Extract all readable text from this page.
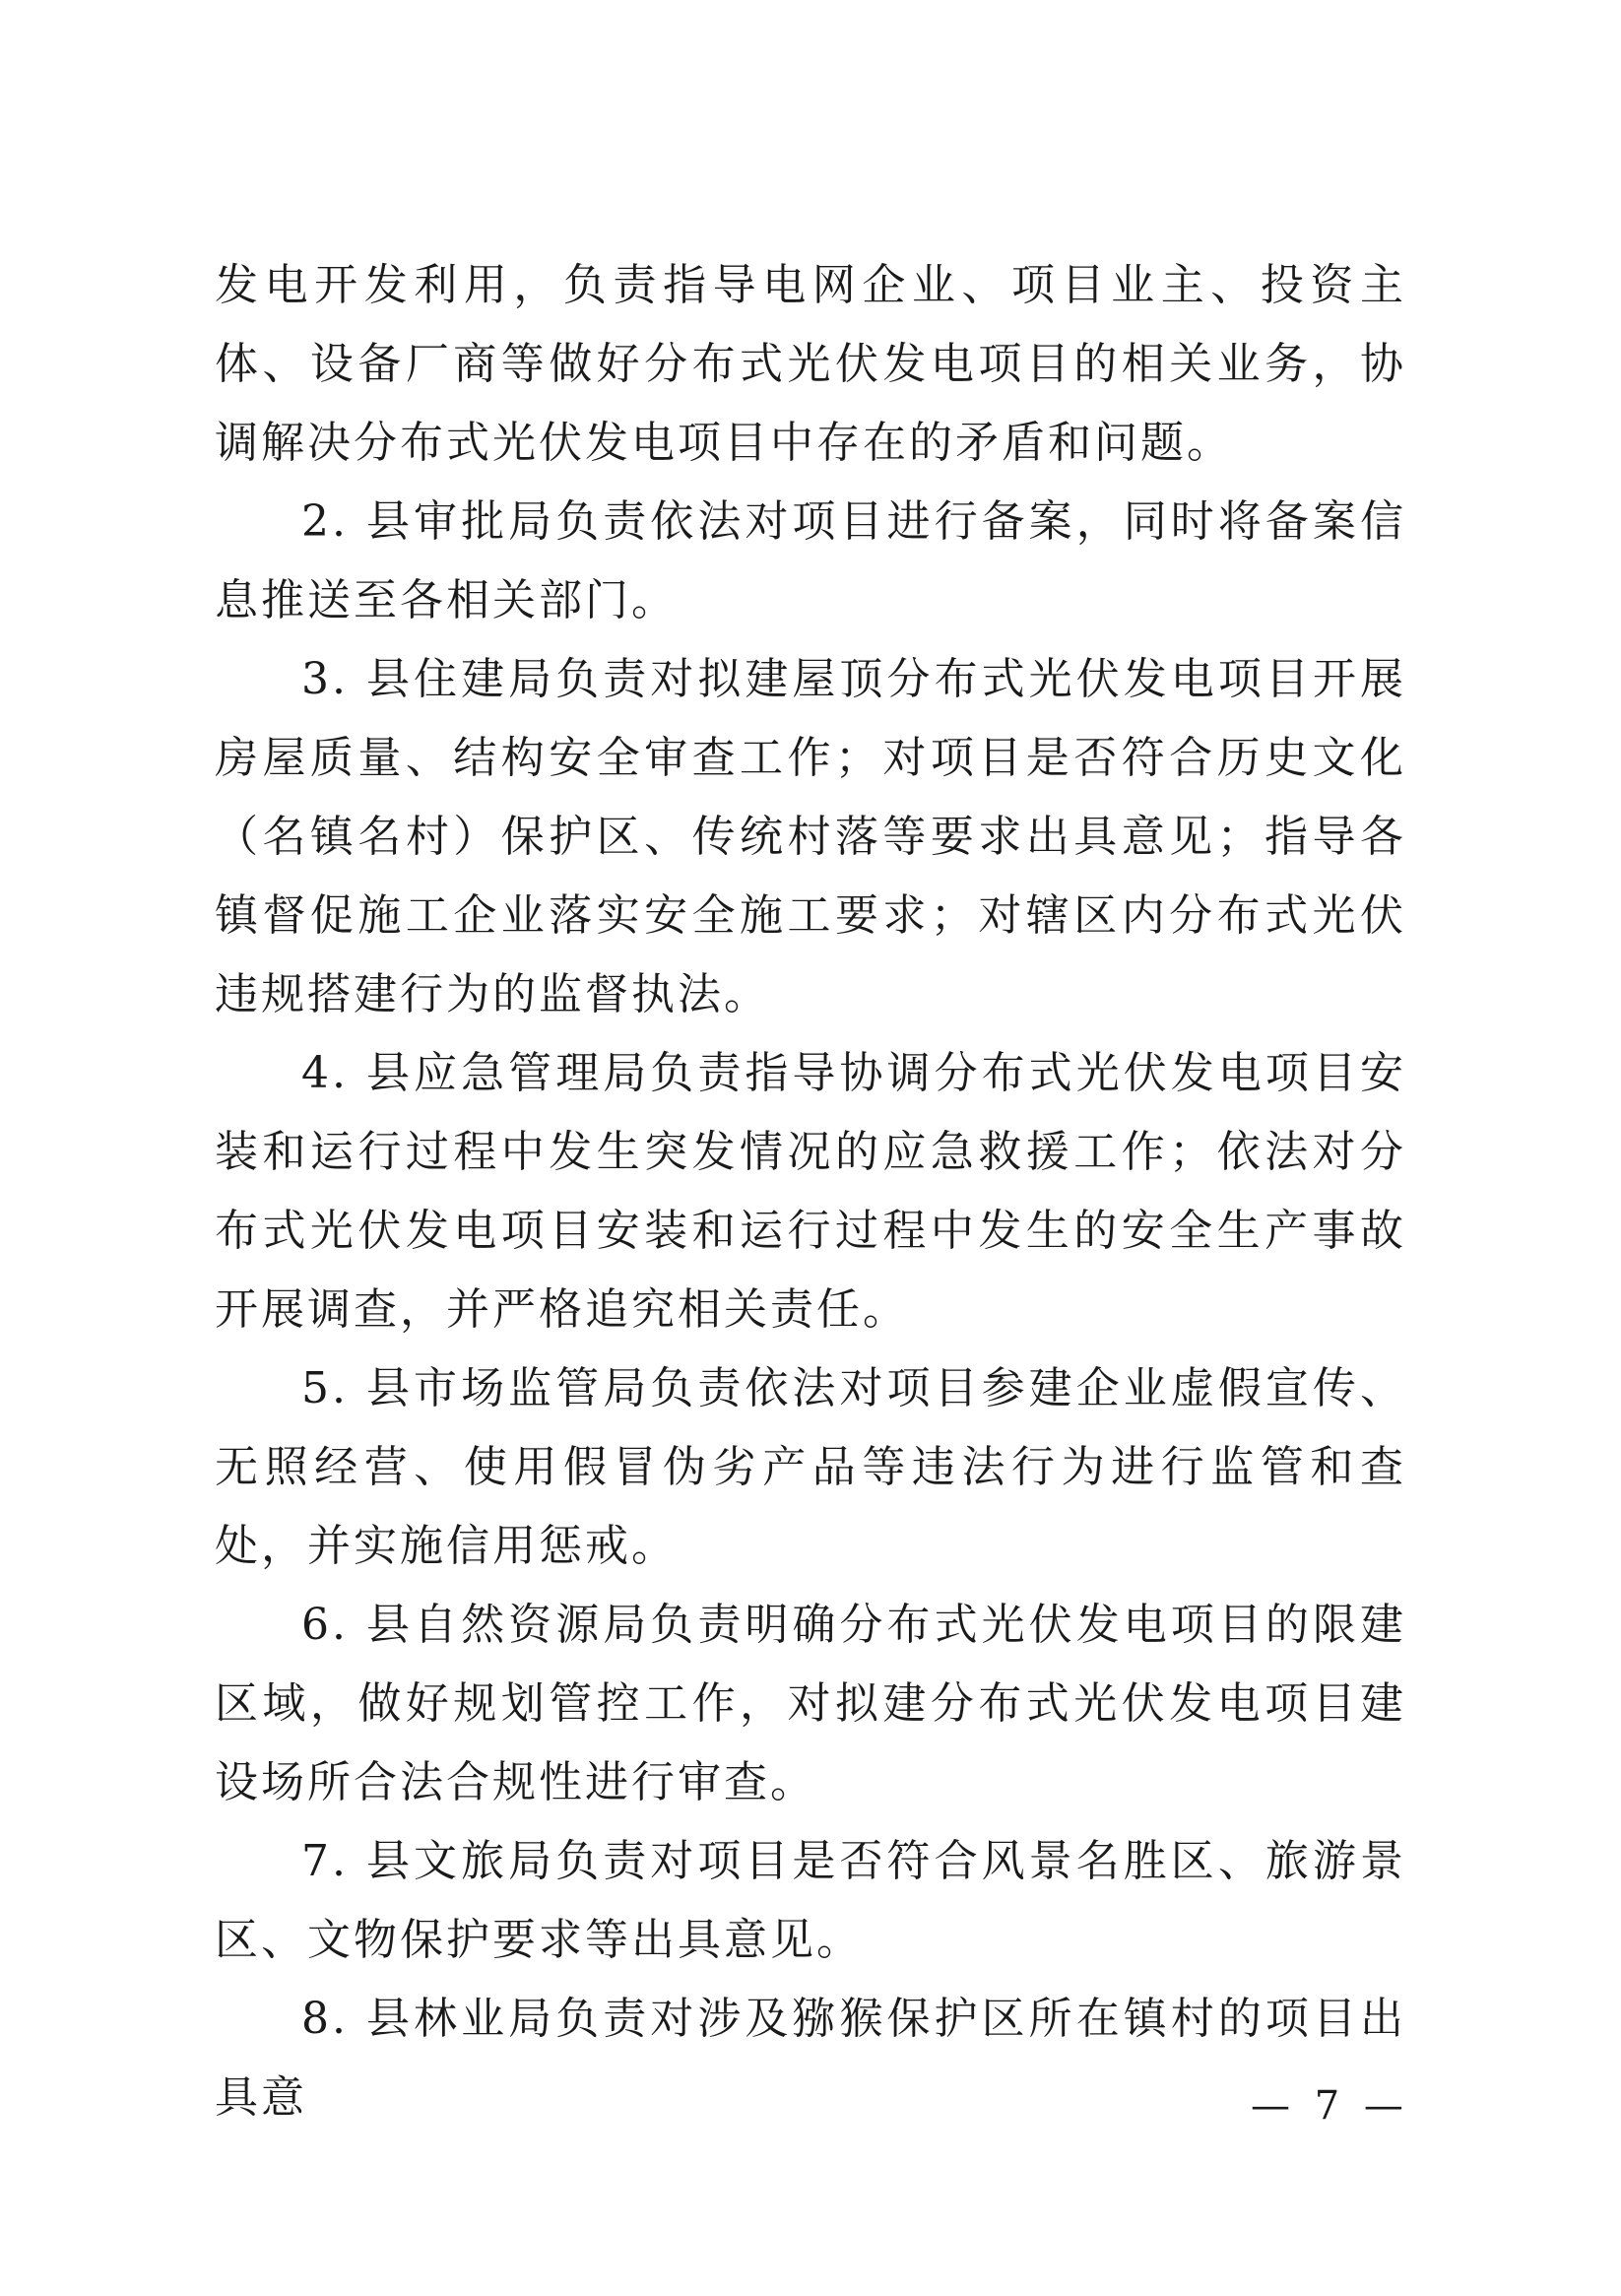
发电开发利用，负责指导电网企业、项目业主、投资主体、设备厂商等做好分布式光伏发电项目的相关业务，协调解决分布式光伏发电项目中存在的矛盾和问题。

2. 县审批局负责依法对项目进行备案，同时将备案信息推送至各相关部门。

3. 县住建局负责对拟建屋顶分布式光伏发电项目开展房屋质量、结构安全审查工作；对项目是否符合历史文化（名镇名村）保护区、传统村落等要求出具意见；指导各镇督促施工企业落实安全施工要求；对辖区内分布式光伏违规搭建行为的监督执法。

4. 县应急管理局负责指导协调分布式光伏发电项目安装和运行过程中发生突发情况的应急救援工作；依法对分布式光伏发电项目安装和运行过程中发生的安全生产事故开展调查，并严格追究相关责任。

5. 县市场监管局负责依法对项目参建企业虚假宣传、无照经营、使用假冒伪劣产品等违法行为进行监管和查处，并实施信用惩戒。

6. 县自然资源局负责明确分布式光伏发电项目的限建区域，做好规划管控工作，对拟建分布式光伏发电项目建设场所合法合规性进行审查。

7. 县文旅局负责对项目是否符合风景名胜区、旅游景区、文物保护要求等出具意见。

8. 县林业局负责对涉及猕猴保护区所在镇村的项目出具意	— 7 —
